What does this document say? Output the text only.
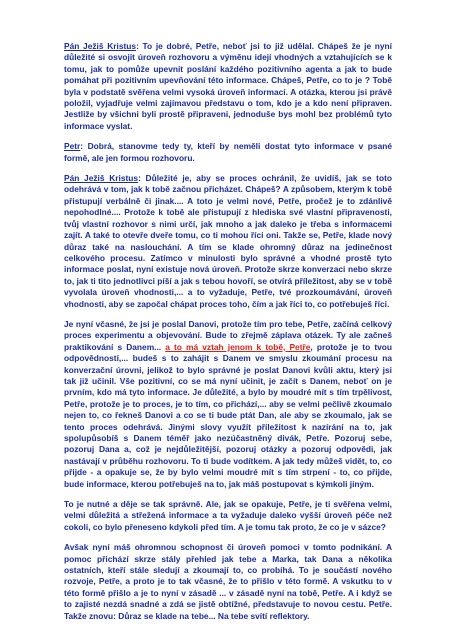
Pán Ježiš Kristus: To je dobré, Petře, neboť jsi to již udělal. Chápeš že je nyní důležité si osvojit úroveň rozhovoru a výměnu idejí vhodných a vztahujících se k tomu, jak to pomůže upevnit poslání každého pozitivního agenta a jak to bude pomáhat při pozitivním upevňování této informace. Chápeš, Petře, co to je ? Tobě byla v podstatě svěřena velmi vysoká úroveň informací. A otázka, kterou jsi právě položil, vyjadřuje velmi zajímavou představu o tom, kdo je a kdo není připraven. Jestliže by všichni byli prostě připraveni, jednoduše bys mohl bez problémů tyto informace vyslat.

Petr: Dobrá, stanovme tedy ty, kteří by neměli dostat tyto informace v psané formě, ale jen formou rozhovoru.

Pán Ježiš Kristus: Důležité je, aby se proces ochránil, že uvidíš, jak se toto odehrává v tom, jak k tobě začnou přicházet. Chápeš? A způsobem, kterým k tobě přistupují verbálně či jinak.... A toto je velmi nové, Petře, pročež je to zdánlivě nepohodlné.... Protože k tobě ale přistupují z hlediska své vlastní připravenosti, tvůj vlastní rozhovor s nimi určí, jak mnoho a jak daleko je třeba s informacemi zajít. A také to otevře dveře tomu, co ti mohou říci oni. Takže se, Petře, klade nový důraz také na naslouchání. A tím se klade ohromný důraz na jedinečnost celkového procesu. Zatímco v minulosti bylo správné a vhodné prostě tyto informace poslat, nyní existuje nová úroveň. Protože skrze konverzaci nebo skrze to, jak ti tito jednotlivci píší a jak s tebou hovoří, se otvírá příležitost, aby se v tobě vyvolala úroveň vhodnosti,... a to vyžaduje, Petře, tvé prozkoumávání, úroveň vhodnosti, aby se započal chápat proces toho, čím a jak říci to, co potřebuješ říci.

Je nyní včasné, že jsi je poslal Danovi, protože tím pro tebe, Petře, začíná celkový proces experimentu a objevování. Bude to zřejmě záplava otázek. Ty ale začneš praktikování s Danem... a to má vztah jenom k tobě, Petře, protože je to tvou odpovědností,... budeš s to zahájit s Danem ve smyslu zkoumání procesu na konverzační úrovni, jelikož to bylo správné je poslat Danovi kvůli aktu, který jsi tak již učinil. Vše pozitivní, co se má nyní učinit, je začít s Danem, neboť on je prvním, kdo má tyto informace. Je důležité, a bylo by moudré mít s tím trpělivost, Petře, protože je to proces, je to tím, co přichází,... aby se velmi pečlivě zkoumalo nejen to, co řekneš Danovi a co se ti bude ptát Dan, ale aby se zkoumalo, jak se tento proces odehrává. Jinými slovy využít příležitost k nazírání na to, jak spolupůsobíš s Danem téměř jako nezúčastněný divák, Petře. Pozoruj sebe, pozoruj Dana a, což je nejdůležitější, pozoruj otázky a pozoruj odpovědi, jak nastávají v průběhu rozhovoru. To ti bude vodítkem. A jak tedy můžeš vidět, to, co přijde - a opakuje se, že by bylo velmi moudré mít s tím strpení - to, co přijde, bude informace, kterou potřebuješ na to, jak máš postupovat s kýmkoli jiným.

To je nutné a děje se tak správně. Ale, jak se opakuje, Petře, je ti svěřena velmi, velmi důležitá a střežená informace a ta vyžaduje daleko vyšší úroveň péče než cokoli, co bylo přeneseno kdykoli před tím. A je tomu tak proto, že co je v sázce?

Avšak nyní máš ohromnou schopnost či úroveň pomoci v tomto podnikání. A pomoc přichází skrze stály přehled jak tebe a Marka, tak Dana a několika ostatních, kteří stále sledují a zkoumají to, co probíhá. To je součástí nového rozvoje, Petře, a proto je to tak včasné, že to přišlo v této formě. A vskutku to v této formě přišlo a je to nyní v zásadě ... v zásadě nyní na tobě, Petře. A i když se to zajisté nezdá snadné a zdá se jistě obtížné, představuje to novou cestu. Petře. Takže znovu: Důraz se klade na tebe... Na tebe svítí reflektory.
